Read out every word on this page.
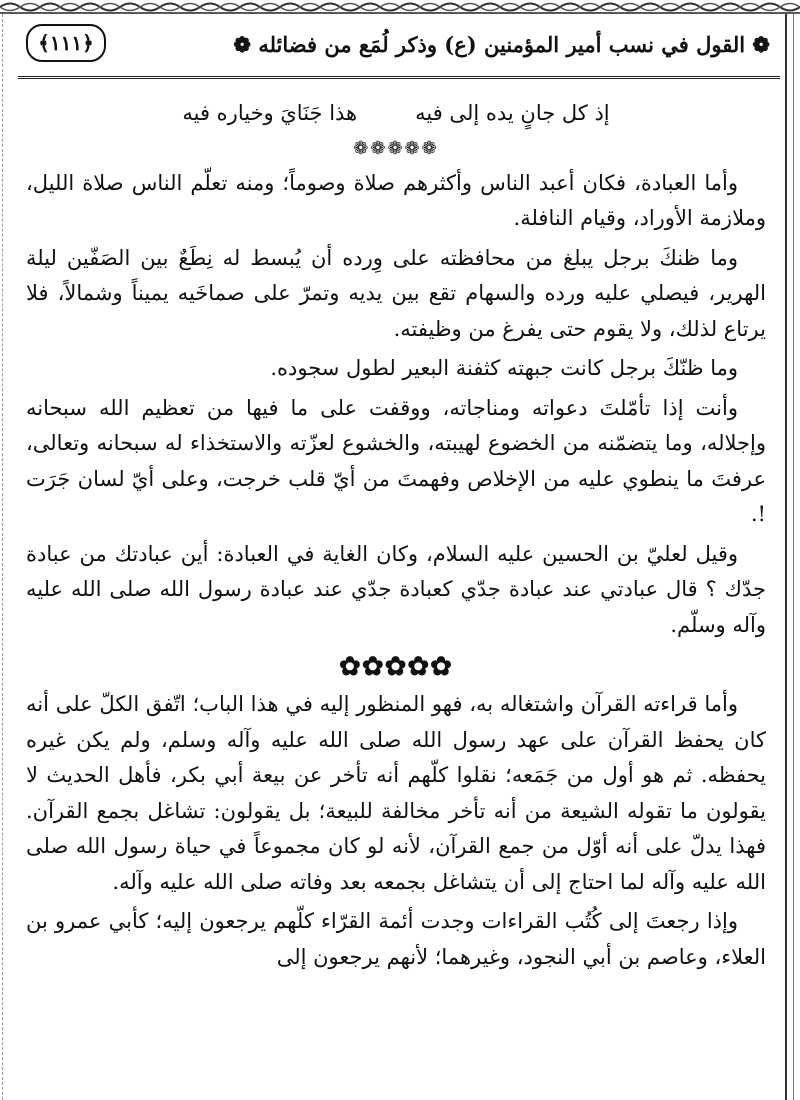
❁ القول في نسب أمير المؤمنين (ع) وذكر لُمَع من فضائله ❁
﴿١١١﴾
إذ كل جانٍ يده إلى فيه
هذا جَنَايَ وخياره فيه
❁❁❁❁❁

وأما العبادة، فكان أعبد الناس وأكثرهم صلاة وصوماً؛ ومنه تعلّم الناس صلاة الليل، وملازمة الأوراد، وقيام النافلة.

وما ظنكَ برجل يبلغ من محافظته على وِرده أن يُبسط له نِطَعٌ بين الصَفّين ليلة الهرير، فيصلي عليه ورده والسهام تقع بين يديه وتمرّ على صماخَيه يميناً وشمالاً، فلا يرتاع لذلك، ولا يقوم حتى يفرغ من وظيفته.

وما ظنّكَ برجل كانت جبهته كثفنة البعير لطول سجوده.

وأنت إذا تأمّلتَ دعواته ومناجاته، ووقفت على ما فيها من تعظيم الله سبحانه وإجلاله، وما يتضمّنه من الخضوع لهيبته، والخشوع لعزّته والاستخذاء له سبحانه وتعالى، عرفتَ ما ينطوي عليه من الإخلاص وفهمتَ من أيّ قلب خرجت، وعلى أيّ لسان جَرَت !.

وقيل لعليّ بن الحسين عليه السلام، وكان الغاية في العبادة: أين عبادتك من عبادة جدّك ؟ قال عبادتي عند عبادة جدّي كعبادة جدّي عند عبادة رسول الله صلى الله عليه وآله وسلّم.

✿✿✿✿✿

وأما قراءته القرآن واشتغاله به، فهو المنظور إليه في هذا الباب؛ اتّفق الكلّ على أنه كان يحفظ القرآن على عهد رسول الله صلى الله عليه وآله وسلم، ولم يكن غيره يحفظه. ثم هو أول من جَمَعه؛ نقلوا كلّهم أنه تأخر عن بيعة أبي بكر، فأهل الحديث لا يقولون ما تقوله الشيعة من أنه تأخر مخالفة للبيعة؛ بل يقولون: تشاغل بجمع القرآن. فهذا يدلّ على أنه أوّل من جمع القرآن، لأنه لو كان مجموعاً في حياة رسول الله صلى الله عليه وآله لما احتاج إلى أن يتشاغل بجمعه بعد وفاته صلى الله عليه وآله.

وإذا رجعتَ إلى كُتُب القراءات وجدت أئمة القرّاء كلّهم يرجعون إليه؛ كأبي عمرو بن العلاء، وعاصم بن أبي النجود، وغيرهما؛ لأنهم يرجعون إلى
